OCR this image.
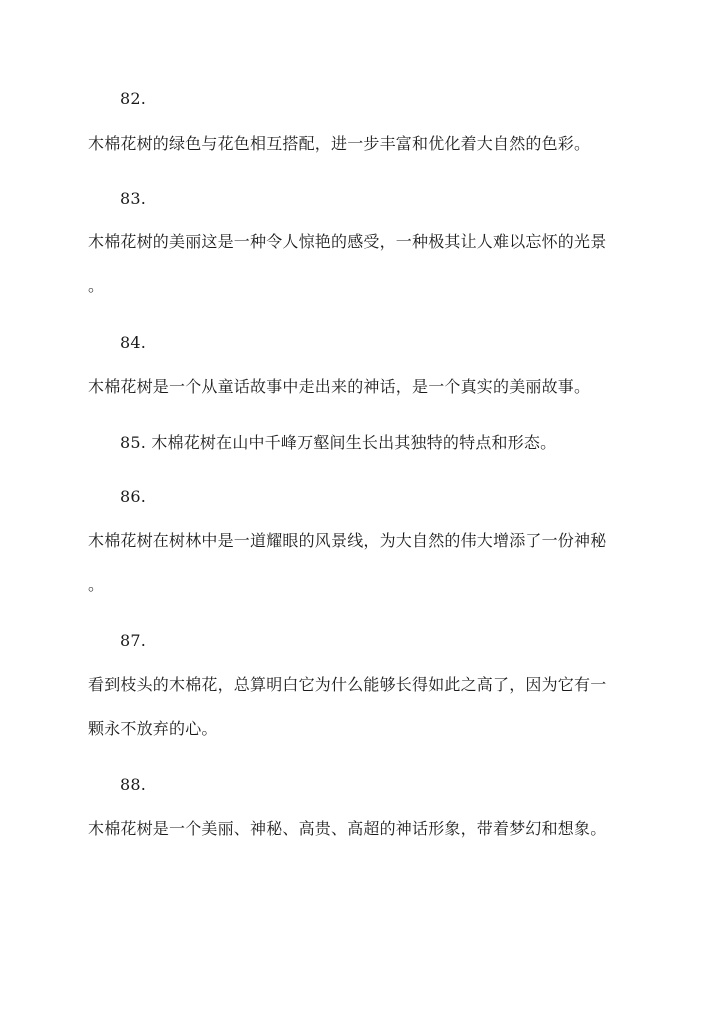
82.
木棉花树的绿色与花色相互搭配，进一步丰富和优化着大自然的色彩。
83.
木棉花树的美丽这是一种令人惊艳的感受，一种极其让人难以忘怀的光景
。
84.
木棉花树是一个从童话故事中走出来的神话，是一个真实的美丽故事。
85. 木棉花树在山中千峰万壑间生长出其独特的特点和形态。
86.
木棉花树在树林中是一道耀眼的风景线，为大自然的伟大增添了一份神秘
。
87.
看到枝头的木棉花，总算明白它为什么能够长得如此之高了，因为它有一
颗永不放弃的心。
88.
木棉花树是一个美丽、神秘、高贵、高超的神话形象，带着梦幻和想象。
